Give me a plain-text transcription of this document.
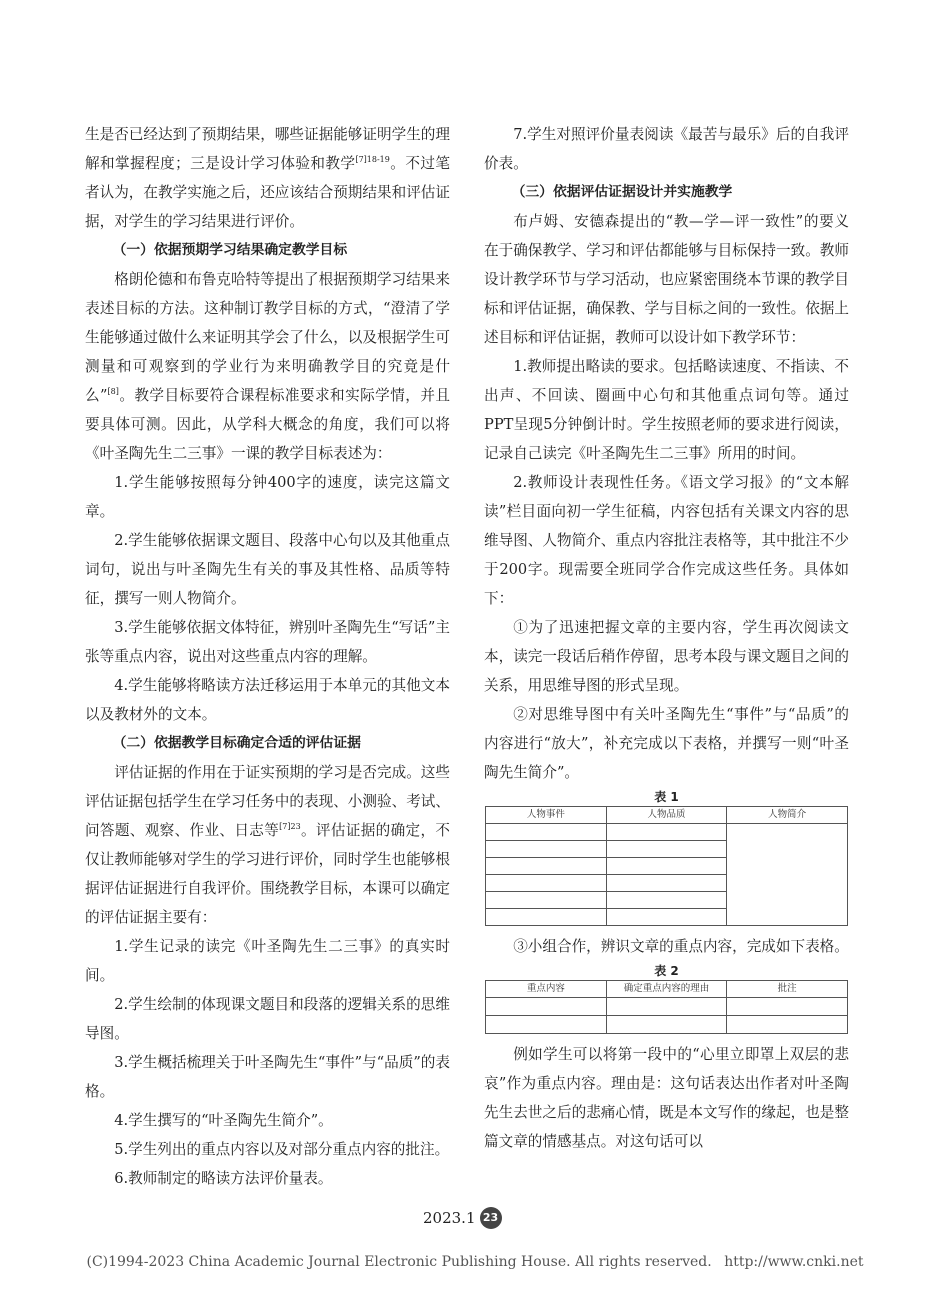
生是否已经达到了预期结果，哪些证据能够证明学生的理解和掌握程度；三是设计学习体验和教学$^{[7]18-19}$。不过笔者认为，在教学实施之后，还应该结合预期结果和评估证据，对学生的学习结果进行评价。

（一）依据预期学习结果确定教学目标

格朗伦德和布鲁克哈特等提出了根据预期学习结果来表述目标的方法。这种制订教学目标的方式，“澄清了学生能够通过做什么来证明其学会了什么，以及根据学生可测量和可观察到的学业行为来明确教学目的究竟是什么”[8]。教学目标要符合课程标准要求和实际学情，并且要具体可测。因此，从学科大概念的角度，我们可以将《叶圣陶先生二三事》一课的教学目标表述为：

1.学生能够按照每分钟400字的速度，读完这篇文章。

2.学生能够依据课文题目、段落中心句以及其他重点词句，说出与叶圣陶先生有关的事及其性格、品质等特征，撰写一则人物简介。

3.学生能够依据文体特征，辨别叶圣陶先生“写话”主张等重点内容，说出对这些重点内容的理解。

4.学生能够将略读方法迁移运用于本单元的其他文本以及教材外的文本。

（二）依据教学目标确定合适的评估证据

评估证据的作用在于证实预期的学习是否完成。这些评估证据包括学生在学习任务中的表现、小测验、考试、问答题、观察、作业、日志等$^{[7]23}$。评估证据的确定，不仅让教师能够对学生的学习进行评价，同时学生也能够根据评估证据进行自我评价。围绕教学目标，本课可以确定的评估证据主要有：

1.学生记录的读完《叶圣陶先生二三事》的真实时间。

2.学生绘制的体现课文题目和段落的逻辑关系的思维导图。

3.学生概括梳理关于叶圣陶先生“事件”与“品质”的表格。

4.学生撰写的“叶圣陶先生简介”。

5.学生列出的重点内容以及对部分重点内容的批注。

6.教师制定的略读方法评价量表。

7.学生对照评价量表阅读《最苦与最乐》后的自我评价表。

（三）依据评估证据设计并实施教学

布卢姆、安德森提出的“教—学—评一致性”的要义在于确保教学、学习和评估都能够与目标保持一致。教师设计教学环节与学习活动，也应紧密围绕本节课的教学目标和评估证据，确保教、学与目标之间的一致性。依据上述目标和评估证据，教师可以设计如下教学环节：

1.教师提出略读的要求。包括略读速度、不指读、不出声、不回读、圈画中心句和其他重点词句等。通过PPT呈现5分钟倒计时。学生按照老师的要求进行阅读，记录自己读完《叶圣陶先生二三事》所用的时间。

2.教师设计表现性任务。《语文学习报》的“文本解读”栏目面向初一学生征稿，内容包括有关课文内容的思维导图、人物简介、重点内容批注表格等，其中批注不少于200字。现需要全班同学合作完成这些任务。具体如下：

①为了迅速把握文章的主要内容，学生再次阅读文本，读完一段话后稍作停留，思考本段与课文题目之间的关系，用思维导图的形式呈现。

②对思维导图中有关叶圣陶先生“事件”与“品质”的内容进行“放大”，补充完成以下表格，并撰写一则“叶圣陶先生简介”。

表 1
人物事件	人物品质	人物简介

③小组合作，辨识文章的重点内容，完成如下表格。

表 2
重点内容	确定重点内容的理由	批注

例如学生可以将第一段中的“心里立即罩上双层的悲哀”作为重点内容。理由是：这句话表达出作者对叶圣陶先生去世之后的悲痛心情，既是本文写作的缘起，也是整篇文章的情感基点。对这句话可以

2023.1 23
(C)1994-2023 China Academic Journal Electronic Publishing House. All rights reserved. http://www.cnki.net
